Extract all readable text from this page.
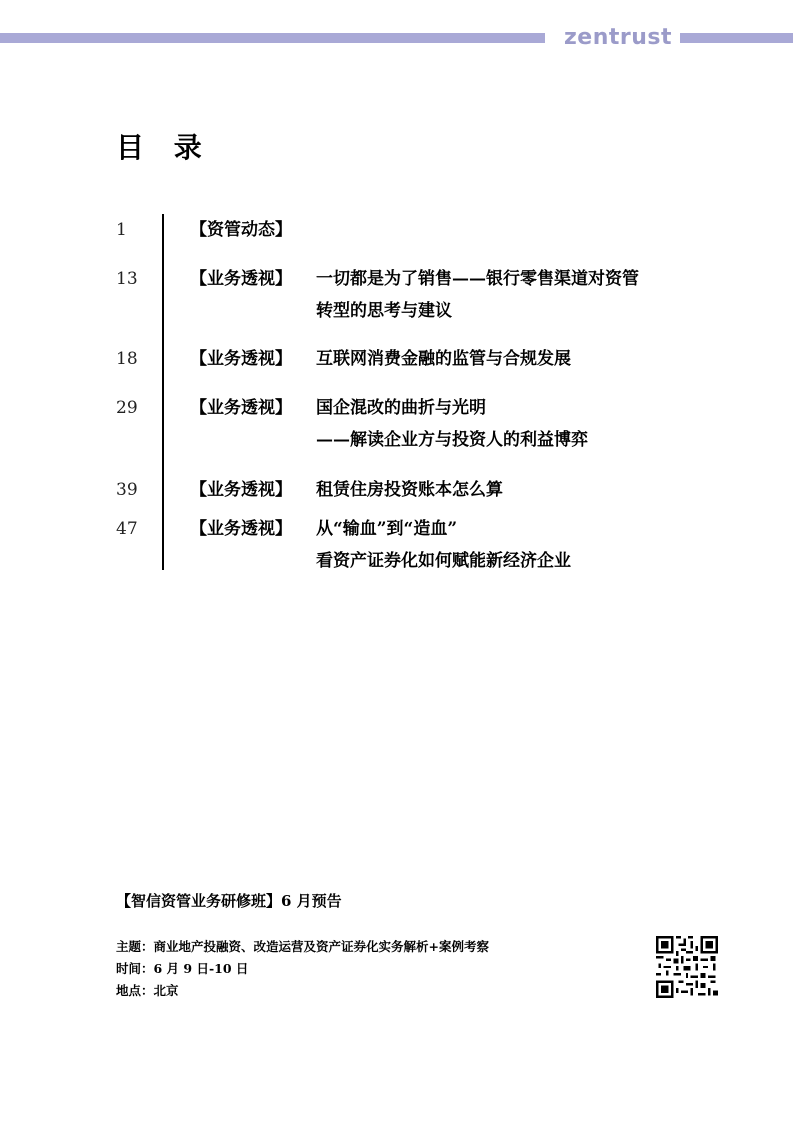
zentrust
目 录
1	【资管动态】
13	【业务透视】 一切都是为了销售——银行零售渠道对资管
转型的思考与建议
18	【业务透视】 互联网消费金融的监管与合规发展
29	【业务透视】 国企混改的曲折与光明
——解读企业方与投资人的利益博弈
39	【业务透视】 租赁住房投资账本怎么算
47	【业务透视】 从“输血”到“造血”
看资产证券化如何赋能新经济企业
【智信资管业务研修班】6 月预告
主题：商业地产投融资、改造运营及资产证券化实务解析+案例考察
时间：6 月 9 日-10 日
地点：北京
